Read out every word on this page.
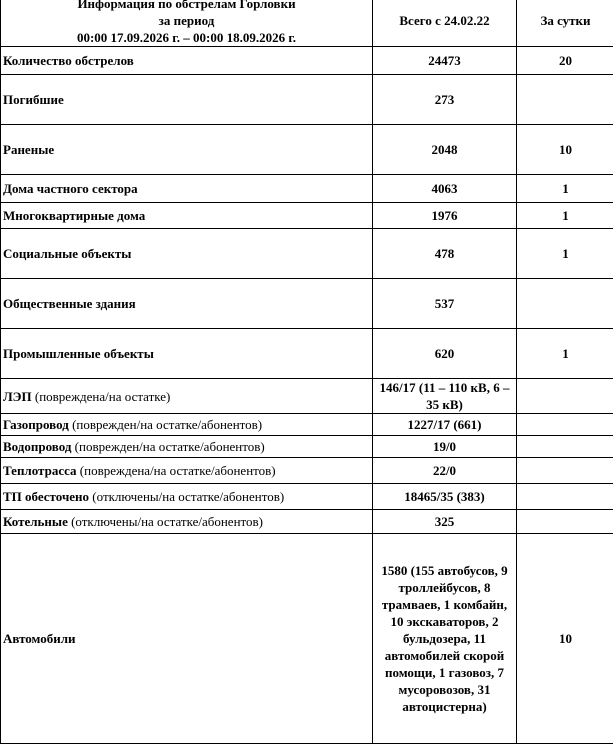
Информация по обстрелам Горловки
за период
00:00 17.09.2026 г. – 00:00 18.09.2026 г.	Всего с 24.02.22	За сутки
Количество обстрелов	24473	20
Погибшие	273	
Раненые	2048	10
Дома частного сектора	4063	1
Многоквартирные дома	1976	1
Социальные объекты	478	1
Общественные здания	537	
Промышленные объекты	620	1
ЛЭП (повреждена/на остатке)	146/17 (11 – 110 кВ, 6 – 35 кВ)	
Газопровод (поврежден/на остатке/абонентов)	1227/17 (661)	
Водопровод (поврежден/на остатке/абонентов)	19/0	
Теплотрасса (повреждена/на остатке/абонентов)	22/0	
ТП обесточено (отключены/на остатке/абонентов)	18465/35 (383)	
Котельные (отключены/на остатке/абонентов)	325	
Автомобили	1580 (155 автобусов, 9 троллейбусов, 8 трамваев, 1 комбайн, 10 экскаваторов, 2 бульдозера, 11 автомобилей скорой помощи, 1 газовоз, 7 мусоровозов, 31 автоцистерна)	10
